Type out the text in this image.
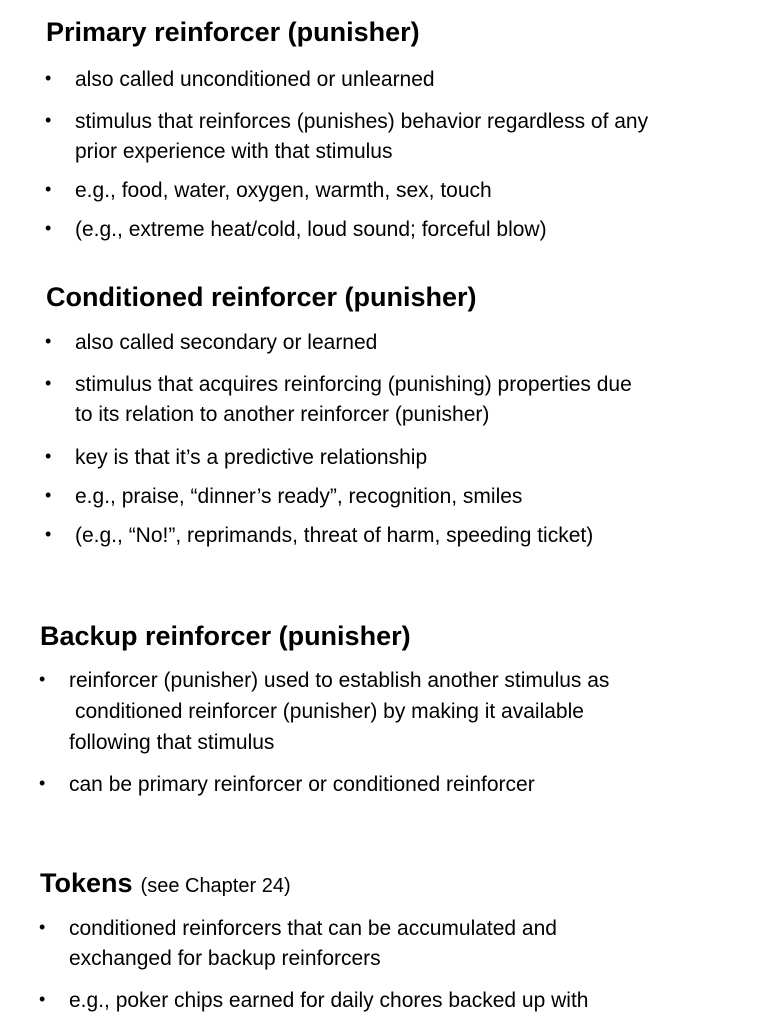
Primary reinforcer (punisher)
• also called unconditioned or unlearned
• stimulus that reinforces (punishes) behavior regardless of any
prior experience with that stimulus
• e.g., food, water, oxygen, warmth, sex, touch
• (e.g., extreme heat/cold, loud sound; forceful blow)
Conditioned reinforcer (punisher)
• also called secondary or learned
• stimulus that acquires reinforcing (punishing) properties due
to its relation to another reinforcer (punisher)
• key is that it’s a predictive relationship
• e.g., praise, “dinner’s ready”, recognition, smiles
• (e.g., “No!”, reprimands, threat of harm, speeding ticket)
Backup reinforcer (punisher)
• reinforcer (punisher) used to establish another stimulus as
conditioned reinforcer (punisher) by making it available
following that stimulus
• can be primary reinforcer or conditioned reinforcer
Tokens (see Chapter 24)
• conditioned reinforcers that can be accumulated and
exchanged for backup reinforcers
• e.g., poker chips earned for daily chores backed up with
